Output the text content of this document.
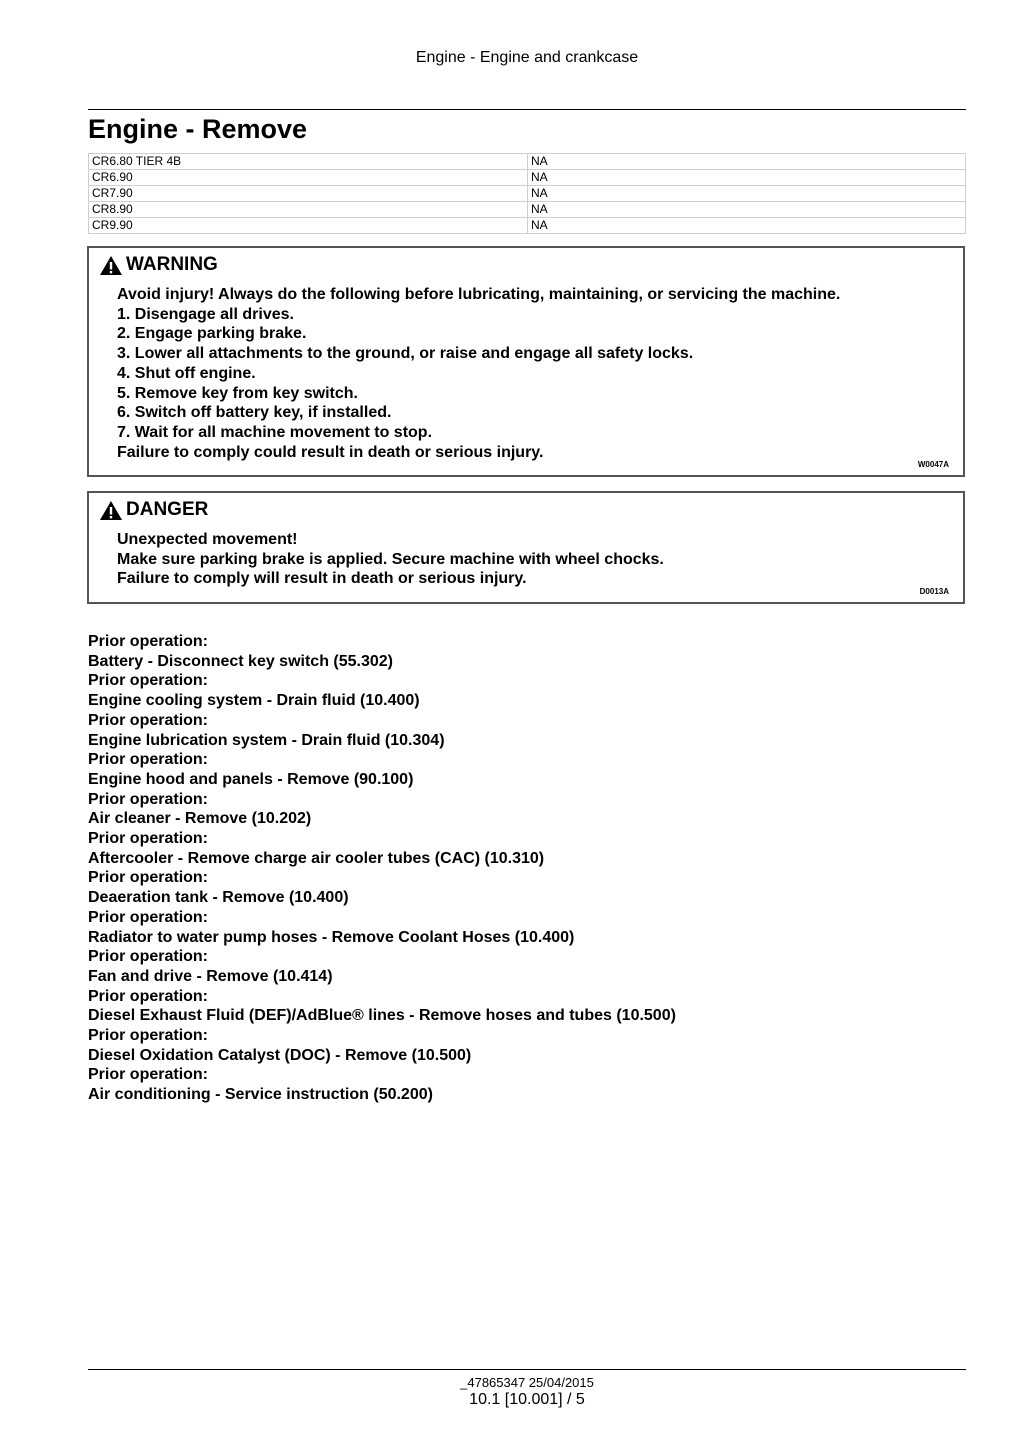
Engine - Engine and crankcase
Engine - Remove
CR6.80 TIER 4B	NA
CR6.90	NA
CR7.90	NA
CR8.90	NA
CR9.90	NA
WARNING
Avoid injury! Always do the following before lubricating, maintaining, or servicing the machine.
1. Disengage all drives.
2. Engage parking brake.
3. Lower all attachments to the ground, or raise and engage all safety locks.
4. Shut off engine.
5. Remove key from key switch.
6. Switch off battery key, if installed.
7. Wait for all machine movement to stop.
Failure to comply could result in death or serious injury.
W0047A
DANGER
Unexpected movement!
Make sure parking brake is applied. Secure machine with wheel chocks.
Failure to comply will result in death or serious injury.
D0013A
Prior operation:
Battery - Disconnect key switch (55.302)
Prior operation:
Engine cooling system - Drain fluid (10.400)
Prior operation:
Engine lubrication system - Drain fluid (10.304)
Prior operation:
Engine hood and panels - Remove (90.100)
Prior operation:
Air cleaner - Remove (10.202)
Prior operation:
Aftercooler - Remove charge air cooler tubes (CAC) (10.310)
Prior operation:
Deaeration tank - Remove (10.400)
Prior operation:
Radiator to water pump hoses - Remove Coolant Hoses (10.400)
Prior operation:
Fan and drive - Remove (10.414)
Prior operation:
Diesel Exhaust Fluid (DEF)/AdBlue® lines - Remove hoses and tubes (10.500)
Prior operation:
Diesel Oxidation Catalyst (DOC) - Remove (10.500)
Prior operation:
Air conditioning - Service instruction (50.200)
_47865347 25/04/2015
10.1 [10.001] / 5
